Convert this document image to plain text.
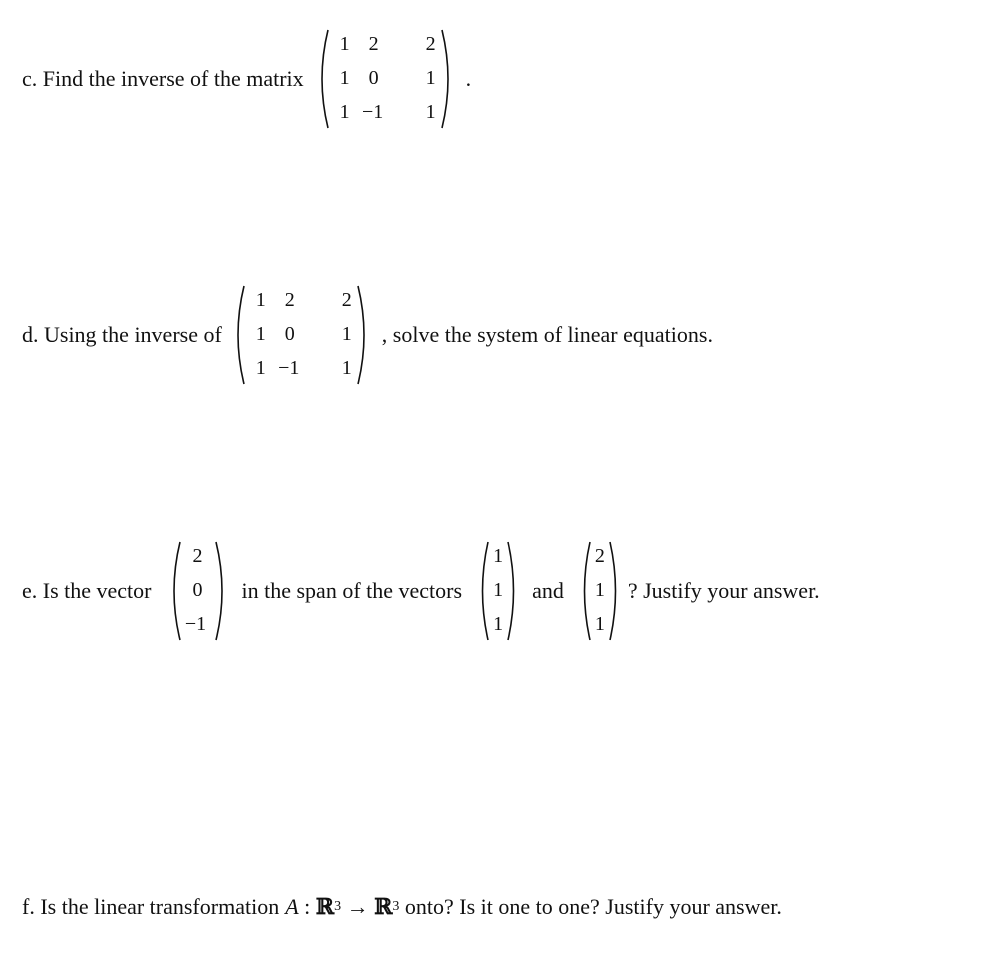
c. Find the inverse of the matrix
1 2	2
1 0	1
1 −1	1
.
d. Using the inverse of
1 2	2
1 0	1
1 −1	1
, solve the system of linear equations.
e. Is the vector
2
0
−1
in the span of the vectors
1
1
1
and
2
1
1
? Justify your answer.
f. Is the linear transformation A : ℝ 3 → ℝ 3 onto? Is it one to one? Justify your answer.
